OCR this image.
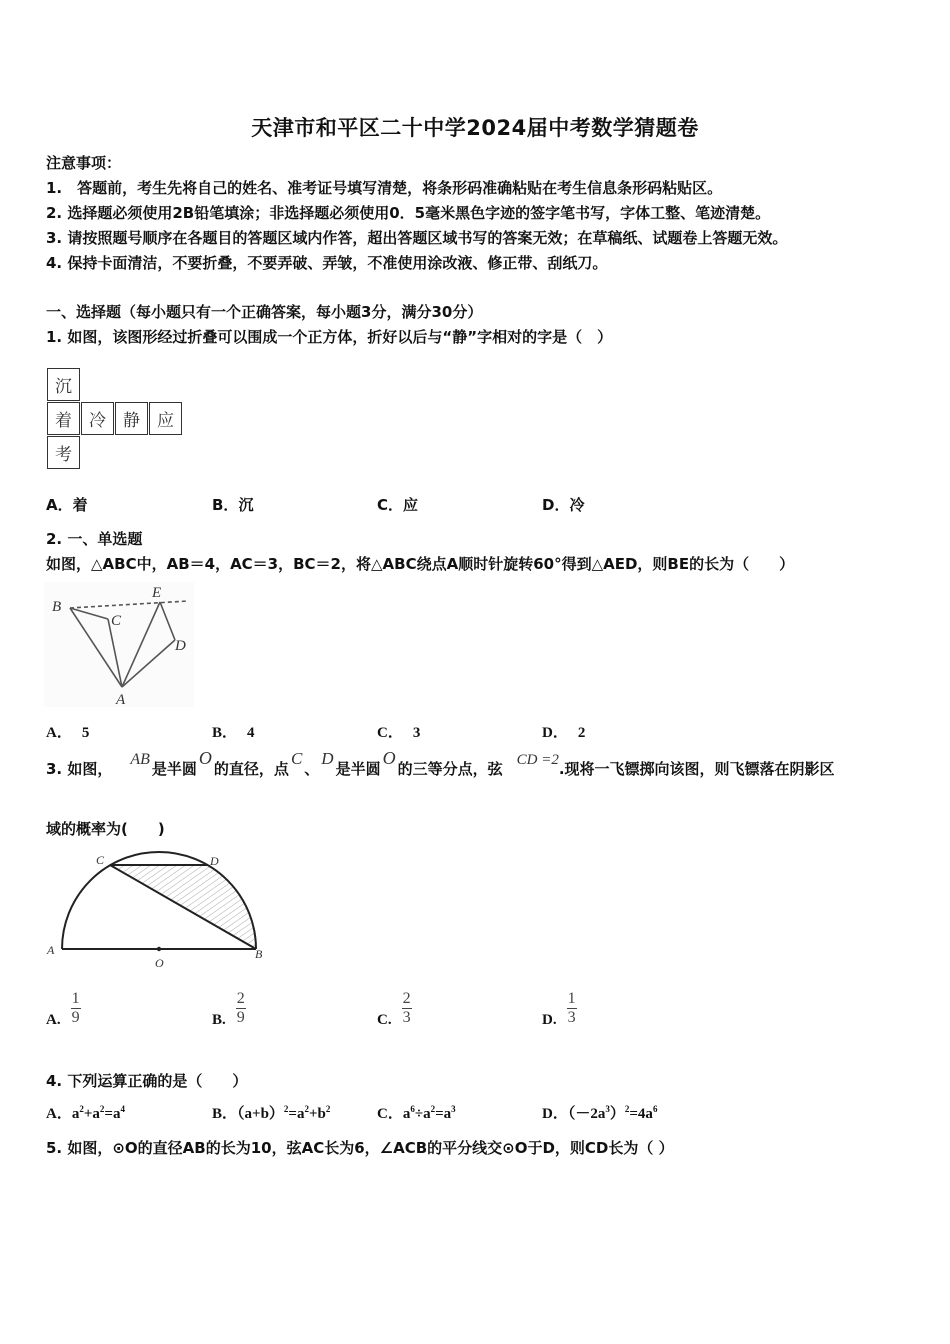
天津市和平区二十中学2024届中考数学猜题卷
注意事项：
1.　答题前，考生先将自己的姓名、准考证号填写清楚，将条形码准确粘贴在考生信息条形码粘贴区。
2. 选择题必须使用2B铅笔填涂；非选择题必须使用0．5毫米黑色字迹的签字笔书写，字体工整、笔迹清楚。
3. 请按照题号顺序在各题目的答题区域内作答，超出答题区域书写的答案无效；在草稿纸、试题卷上答题无效。
4. 保持卡面清洁，不要折叠，不要弄破、弄皱，不准使用涂改液、修正带、刮纸刀。
一、选择题（每小题只有一个正确答案，每小题3分，满分30分）
1. 如图，该图形经过折叠可以围成一个正方体，折好以后与“静”字相对的字是（　）
沉
着	冷	静	应
考
A．着	B．沉	C．应	D．冷
2. 一、单选题
如图，△ABC中，AB＝4，AC＝3，BC＝2，将△ABC绕点A顺时针旋转60°得到△AED，则BE的长为（　　）
B
C
E
D
A
A． 5	B． 4	C． 3	D． 2
3. 如图，AB是半圆O的直径，点C、D是半圆O的三等分点，弦 CD =2.现将一飞镖掷向该图，则飞镖落在阴影区
域的概率为(　　)
A	B
O
C	D
A. $\frac{1}{9}$	B. $\frac{2}{9}$	C. $\frac{2}{3}$	D. $\frac{1}{3}$
4. 下列运算正确的是（　　）
A．$a^2+a^2=a^4$	B．$(a+b)^2=a^2+b^2$	C．$a^6\div a^2=a^3$	D．$(-2a^3)^2=4a^6$
5. 如图，⊙O的直径AB的长为10，弦AC长为6，∠ACB的平分线交⊙O于D，则CD长为（ ）
